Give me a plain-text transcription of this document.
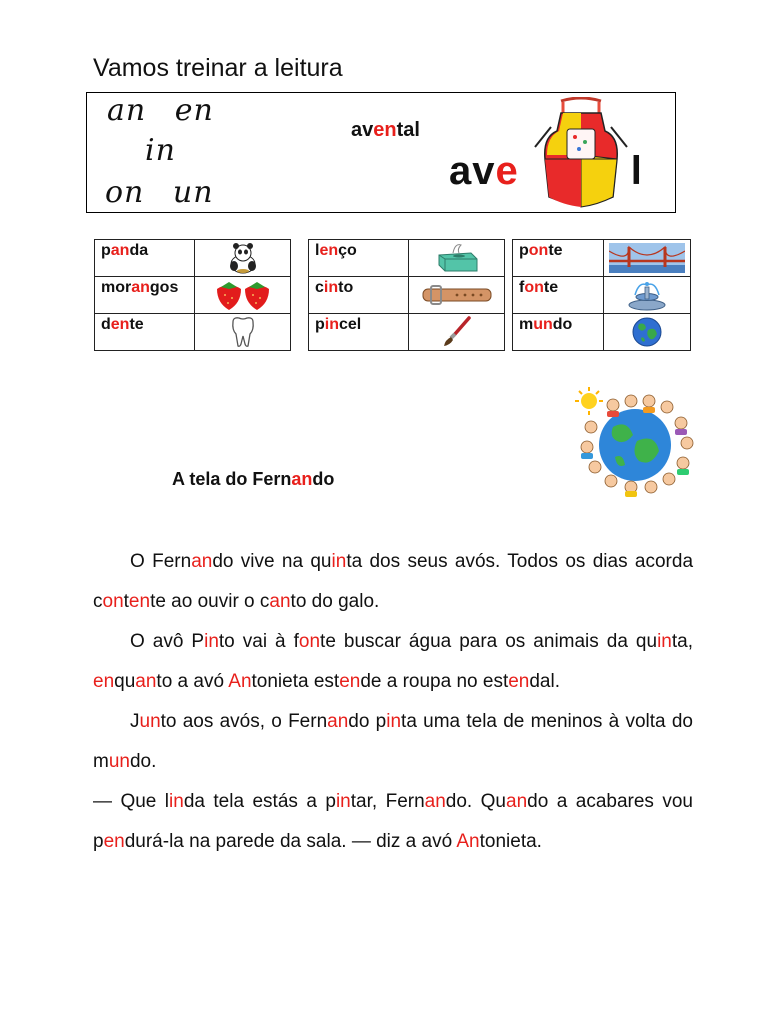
Vamos treinar a leitura
an en
in
on un
avental
ave	l
panda	

morangos	

dente	
lenço	

cinto	

pincel	
ponte	

fonte	

mundo	
A tela do Fernando

O Fernando vive na quinta dos seus avós. Todos os dias acorda contente ao ouvir o canto do galo.

O avô Pinto vai à fonte buscar água para os animais da quinta, enquanto a avó Antonieta estende a roupa no estendal.

Junto aos avós, o Fernando pinta uma tela de meninos à volta do mundo.

— Que linda tela estás a pintar, Fernando. Quando a acabares vou pendurá-la na parede da sala. — diz a avó Antonieta.
